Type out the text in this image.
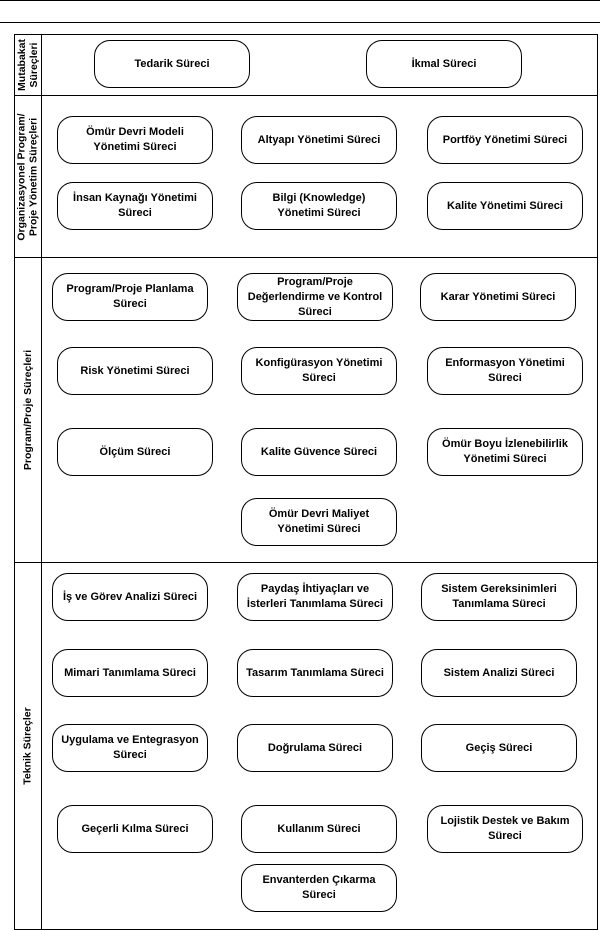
Mutabakat Süreçleri
Organizasyonel Program/ Proje Yönetim Süreçleri
Program/Proje Süreçleri
Teknik Süreçler
Tedarik Süreci	İkmal Süreci
Ömür Devri Modeli Yönetimi Süreci
Altyapı Yönetimi Süreci	Portföy Yönetimi Süreci
İnsan Kaynağı Yönetimi Süreci
Bilgi (Knowledge) Yönetimi Süreci
Kalite Yönetimi Süreci
Program/Proje Planlama Süreci
Program/Proje Değerlendirme ve Kontrol Süreci
Karar Yönetimi Süreci
Risk Yönetimi Süreci
Konfigürasyon Yönetimi Süreci
Enformasyon Yönetimi Süreci
Ölçüm Süreci	Kalite Güvence Süreci
Ömür Boyu İzlenebilirlik Yönetimi Süreci
Ömür Devri Maliyet Yönetimi Süreci
İş ve Görev Analizi Süreci
Paydaş İhtiyaçları ve İsterleri Tanımlama Süreci
Sistem Gereksinimleri Tanımlama Süreci
Mimari Tanımlama Süreci	Tasarım Tanımlama Süreci	Sistem Analizi Süreci
Uygulama ve Entegrasyon Süreci
Doğrulama Süreci	Geçiş Süreci
Geçerli Kılma Süreci	Kullanım Süreci
Lojistik Destek ve Bakım Süreci
Envanterden Çıkarma Süreci
